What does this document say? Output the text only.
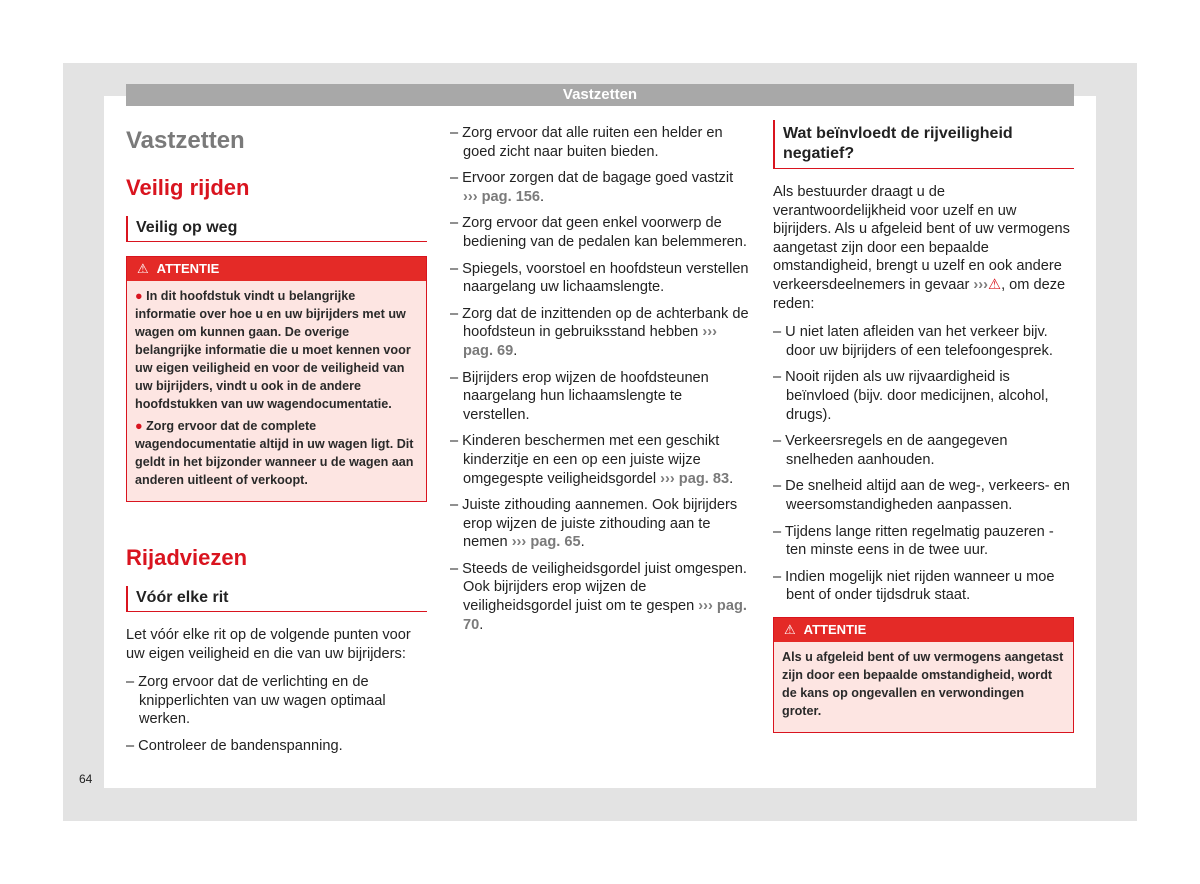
Vastzetten
Vastzetten
Veilig rijden
Veilig op weg
⚠ ATTENTIE

● In dit hoofdstuk vindt u belangrijke informatie over hoe u en uw bijrijders met uw wagen om kunnen gaan. De overige belangrijke informatie die u moet kennen voor uw eigen veiligheid en voor de veiligheid van uw bijrijders, vindt u ook in de andere hoofdstukken van uw wagendocumentatie.

● Zorg ervoor dat de complete wagendocumentatie altijd in uw wagen ligt. Dit geldt in het bijzonder wanneer u de wagen aan anderen uitleent of verkoopt.

Rijadviezen
Vóór elke rit

Let vóór elke rit op de volgende punten voor uw eigen veiligheid en die van uw bijrijders:

– Zorg ervoor dat de verlichting en de knipperlichten van uw wagen optimaal werken.

– Controleer de bandenspanning.

– Zorg ervoor dat alle ruiten een helder en goed zicht naar buiten bieden.

– Ervoor zorgen dat de bagage goed vastzit ››› pag. 156.

– Zorg ervoor dat geen enkel voorwerp de bediening van de pedalen kan belemmeren.

– Spiegels, voorstoel en hoofdsteun verstellen naargelang uw lichaamslengte.

– Zorg dat de inzittenden op de achterbank de hoofdsteun in gebruiksstand hebben ››› pag. 69.

– Bijrijders erop wijzen de hoofdsteunen naargelang hun lichaamslengte te verstellen.

– Kinderen beschermen met een geschikt kinderzitje en een op een juiste wijze omgegespte veiligheidsgordel ››› pag. 83.

– Juiste zithouding aannemen. Ook bijrijders erop wijzen de juiste zithouding aan te nemen ››› pag. 65.

– Steeds de veiligheidsgordel juist omgespen. Ook bijrijders erop wijzen de veiligheidsgordel juist om te gespen ››› pag. 70.

Wat beïnvloedt de rijveiligheid negatief?

Als bestuurder draagt u de verantwoordelijkheid voor uzelf en uw bijrijders. Als u afgeleid bent of uw vermogens aangetast zijn door een bepaalde omstandigheid, brengt u uzelf en ook andere verkeersdeelnemers in gevaar ›››⚠, om deze reden:

– U niet laten afleiden van het verkeer bijv. door uw bijrijders of een telefoongesprek.

– Nooit rijden als uw rijvaardigheid is beïnvloed (bijv. door medicijnen, alcohol, drugs).

– Verkeersregels en de aangegeven snelheden aanhouden.

– De snelheid altijd aan de weg-, verkeers- en weersomstandigheden aanpassen.

– Tijdens lange ritten regelmatig pauzeren - ten minste eens in de twee uur.

– Indien mogelijk niet rijden wanneer u moe bent of onder tijdsdruk staat.

⚠ ATTENTIE

Als u afgeleid bent of uw vermogens aangetast zijn door een bepaalde omstandigheid, wordt de kans op ongevallen en verwondingen groter.

64
